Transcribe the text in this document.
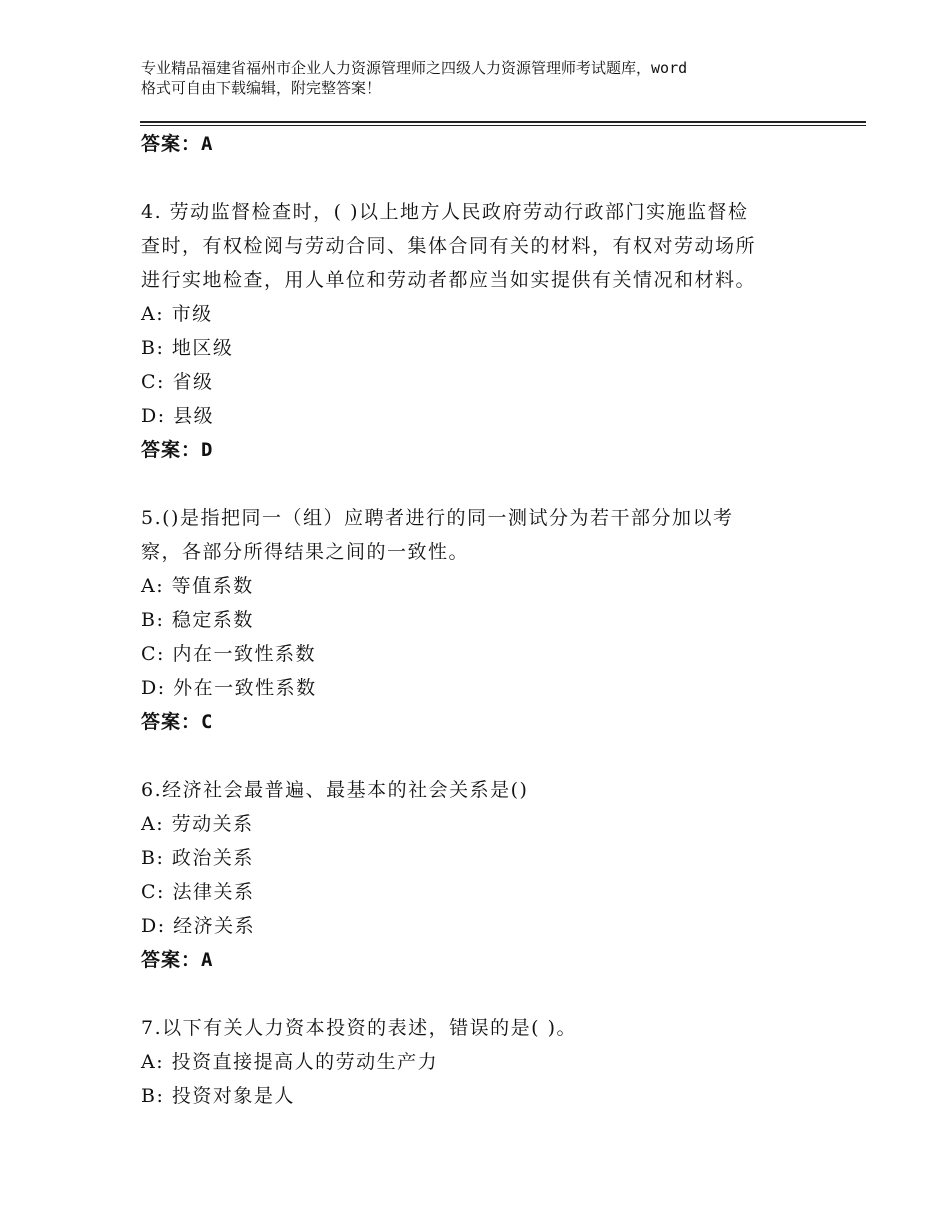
专业精品福建省福州市企业人力资源管理师之四级人力资源管理师考试题库，word
格式可自由下载编辑，附完整答案！
答案：A
4. 劳动监督检查时，( )以上地方人民政府劳动行政部门实施监督检
查时，有权检阅与劳动合同、集体合同有关的材料，有权对劳动场所
进行实地检查，用人单位和劳动者都应当如实提供有关情况和材料。
A: 市级
B: 地区级
C: 省级
D: 县级
答案：D
5.()是指把同一（组）应聘者进行的同一测试分为若干部分加以考
察，各部分所得结果之间的一致性。
A: 等值系数
B: 稳定系数
C: 内在一致性系数
D: 外在一致性系数
答案：C
6.经济社会最普遍、最基本的社会关系是()
A: 劳动关系
B: 政治关系
C: 法律关系
D: 经济关系
答案：A
7.以下有关人力资本投资的表述，错误的是( )。
A: 投资直接提高人的劳动生产力
B: 投资对象是人
